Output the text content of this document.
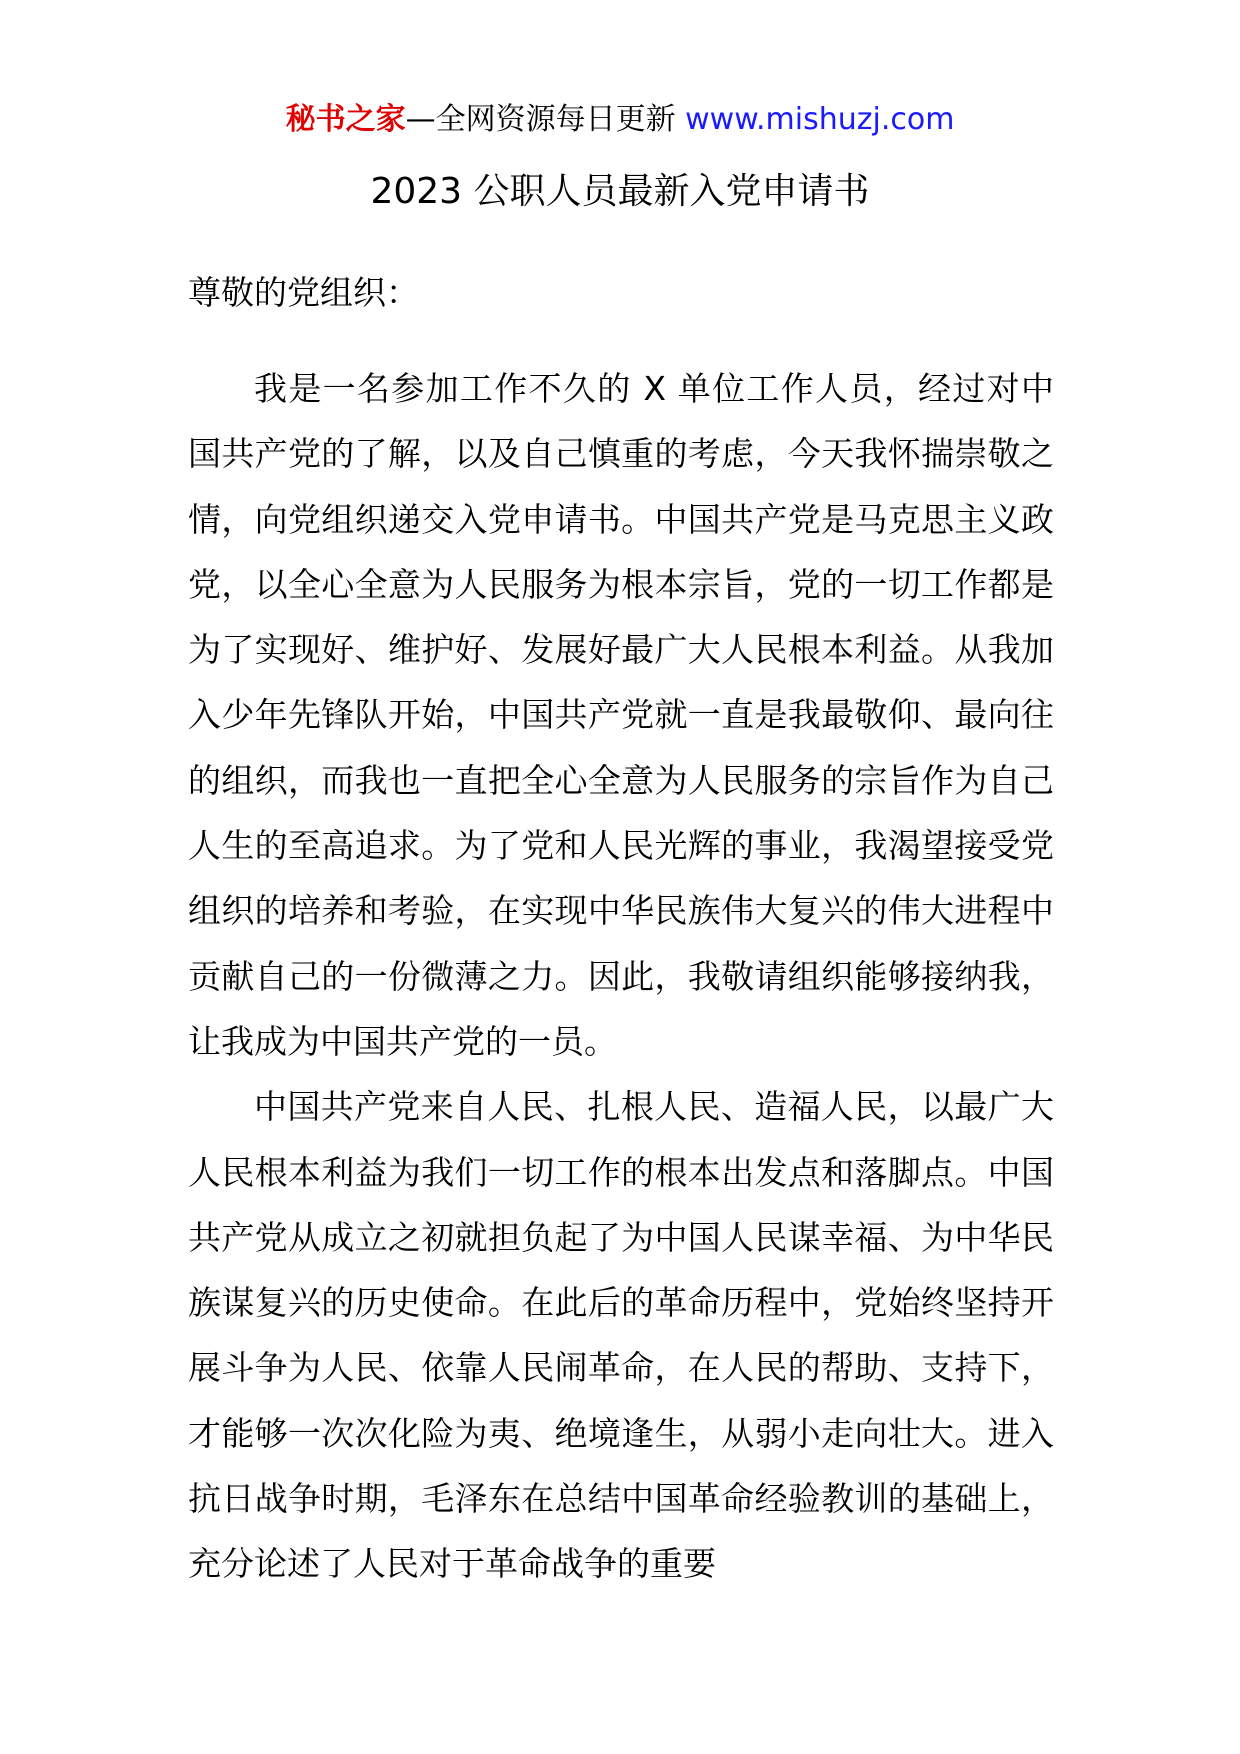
秘书之家—全网资源每日更新 www.mishuzj.com
2023 公职人员最新入党申请书
尊敬的党组织：

我是一名参加工作不久的 X 单位工作人员，经过对中国共产党的了解，以及自己慎重的考虑，今天我怀揣崇敬之情，向党组织递交入党申请书。中国共产党是马克思主义政党，以全心全意为人民服务为根本宗旨，党的一切工作都是为了实现好、维护好、发展好最广大人民根本利益。从我加入少年先锋队开始，中国共产党就一直是我最敬仰、最向往的组织，而我也一直把全心全意为人民服务的宗旨作为自己人生的至高追求。为了党和人民光辉的事业，我渴望接受党组织的培养和考验，在实现中华民族伟大复兴的伟大进程中贡献自己的一份微薄之力。因此，我敬请组织能够接纳我，让我成为中国共产党的一员。

中国共产党来自人民、扎根人民、造福人民，以最广大人民根本利益为我们一切工作的根本出发点和落脚点。中国共产党从成立之初就担负起了为中国人民谋幸福、为中华民族谋复兴的历史使命。在此后的革命历程中，党始终坚持开展斗争为人民、依靠人民闹革命，在人民的帮助、支持下，才能够一次次化险为夷、绝境逢生，从弱小走向壮大。进入抗日战争时期，毛泽东在总结中国革命经验教训的基础上，充分论述了人民对于革命战争的重要
